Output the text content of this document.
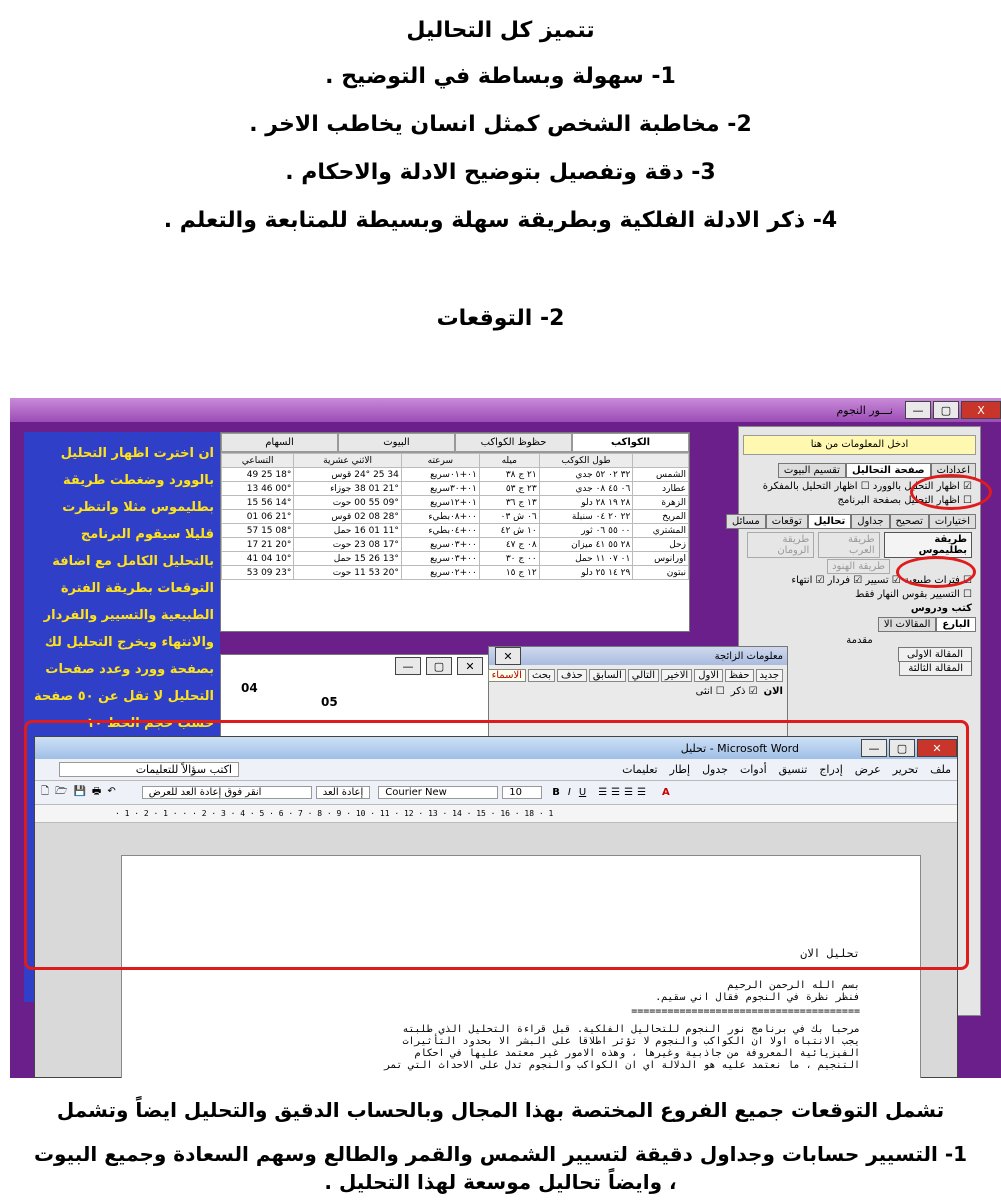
تتميز كل التحاليل
1- سهولة وبساطة في التوضيح .
2- مخاطبة الشخص كمثل انسان يخاطب الاخر .
3- دقة وتفصيل بتوضيح الادلة والاحكام .
4- ذكر الادلة الفلكية وبطريقة سهلة وبسيطة للمتابعة والتعلم .
2- التوقعات
X
▢
—
نـــور النجوم
ان اخترت اظهار التحليل بالوورد وضغطت طريقة بطليموس مثلا وانتظرت قليلا سيقوم البرنامج بالتحليل الكامل مع اضافة التوقعات بطريقة الفترة الطبيعية والتسيير والفردار والانتهاء ويخرج التحليل لك بصفحة وورد وعدد صفحات التحليل لا تقل عن ٥٠ صفحة حسب حجم الخط ١٠
الكواكب
حظوظ الكواكب
البيوت
السهام
	طول الكوكب	ميله	سرعته	الاثني عشرية	التساعي
الشمس	٣٢ ٠٢ ٥٢ جدي	٢١ ج ٣٨	٠١+٠١سريع	34 25 24° قوس	18° 25 49
عطارد	٠٦ ٤٥ ٠٨ جدي	٢٣ ج ٥٣	٠١+٣٠سريع	21° 01 38 جوزاء	00° 46 13
الزهرة	٢٨ ١٩ ٢٨ دلو	١٣ ج ٣٦	٠١+١٢سريع	09° 55 00 حوت	14° 56 15
المريخ	٢٢ ٢٠ ٠٤ سنبلة	٠٦ ش ٠٣	٠٠+٠٨بطيء	28° 08 02 قوس	21° 06 01
المشتري	٠٠ ٥٥ ٠٦ ثور	١٠ ش ٤٢	٠٠+٠٤بطيء	11° 01 16 حمل	08° 15 57
زحل	٢٨ ٥٥ ٤١ ميزان	٠٨ ج ٤٧	٠٠+٠٣سريع	17° 08 23 حوت	20° 21 17
اورانوس	٠١ ٠٧ ١١ حمل	٠٠ ج ٣٠	٠٠+٠٣سريع	13° 26 15 حمل	10° 04 41
نبتون	٢٩ ١٤ ٢٥ دلو	١٢ ج ١٥	٠٠+٠٢سريع	20° 53 11 حوت	23° 09 53
ادخل المعلومات من هنا
اعدادات
صفحة التحاليل
تقسيم البيوت
☑ اظهار التحليل بالوورد ☐ اظهار التحليل بالمفكرة
☐ اظهار التحليل بصفحة البرنامج
اختيارات
تصحيح
جداول
تحاليل
توقعات
مسائل
طريقة بطليموس
طريقة العرب
طريقة الرومان
طريقة الهنود
☑ فترات طبيعية ☑ تسيير ☑ فردار ☑ انتهاء
☐ التسيير بقوس النهار فقط
كتب ودروس
البارع
المقالات الا
مقدمة
المقالة الاولى
المقالة الثالثة
—	▢	✕
04
05
معلومات الزائجة
✕
جديد
حفظ
الاول
الاخير
التالي
السابق
حذف
بحث
الاسماء
الان
☑ ذكر
☐ انثى
تحليل - Microsoft Word	—	▢	✕
ملف
تحرير
عرض
إدراج
تنسيق
أدوات
جدول
إطار
تعليمات
اكتب سؤالاً للتعليمات
🗋🗁💾🖶↶	انقر فوق إعادة العد للعرض	إعادة العد	Courier New	10	B I U ☰☰☰☰ A
· 1 · 2 · 1 · · · 2 · 3 · 4 · 5 · 6 · 7 · 8 · 9 · 10 · 11 · 12 · 13 · 14 · 15 · 16 · 18 · 1
تحليل الان
بسم الله الرحمن الرحيم
فنظر نظرة في النجوم فقال اني سقيم.
======================================
مرحبا بك في برنامج نور النجوم للتحاليل الفلكية. قبل قراءة التحليل الذي طلبته
يجب الانتباه اولا ان الكواكب والنجوم لا تؤثر اطلاقا على البشر الا بحدود التأثيرات
الفيزيائية المعروفة من جاذبية وغيرها ، وهذه الامور غير معتمد عليها في احكام
التنجيم ، ما نعتمد عليه هو الدلالة اي ان الكواكب والنجوم تدل على الاحداث التي تمر
تشمل التوقعات جميع الفروع المختصة بهذا المجال وبالحساب الدقيق والتحليل ايضاً وتشمل
1- التسيير حسابات وجداول دقيقة لتسيير الشمس والقمر والطالع وسهم السعادة وجميع البيوت
، وايضاً تحاليل موسعة لهذا التحليل .
